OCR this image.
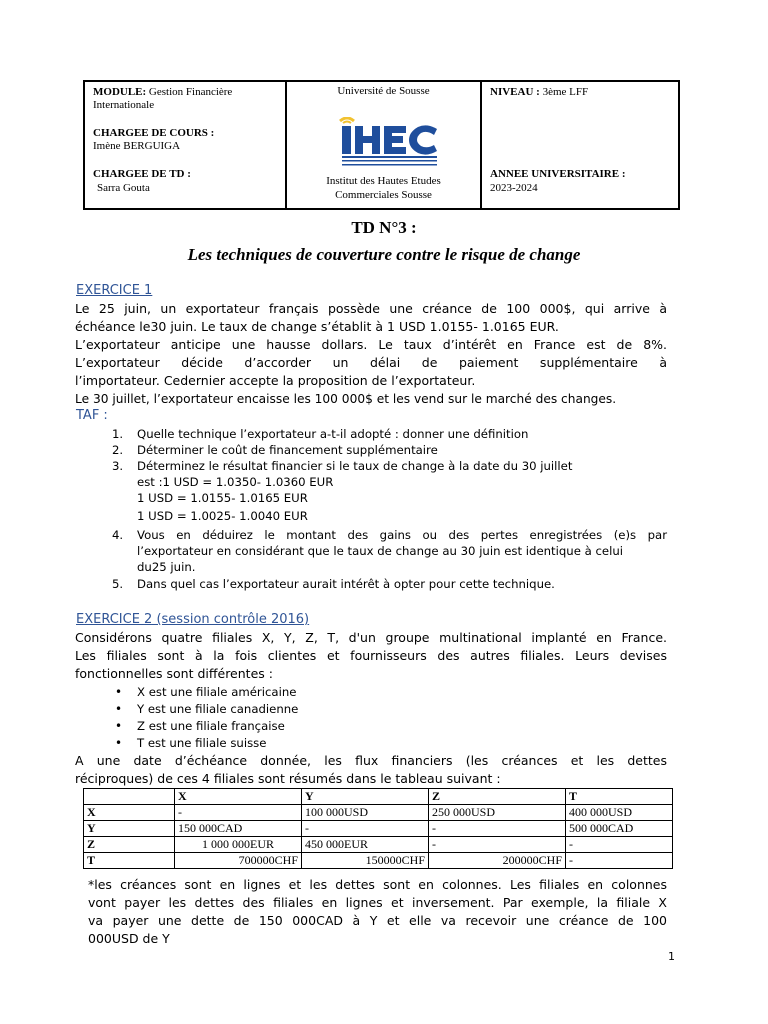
MODULE: Gestion Financière
Internationale
CHARGEE DE COURS :
Imène BERGUIGA
CHARGEE DE TD :
Sarra Gouta
Université de Sousse
Institut des Hautes Etudes
Commerciales Sousse
NIVEAU : 3ème LFF
ANNEE UNIVERSITAIRE :
2023-2024
TD N°3 :
Les techniques de couverture contre le risque de change
EXERCICE 1
Le 25 juin, un exportateur français possède une créance de 100 000$, qui arrive à
échéance le30 juin. Le taux de change s’établit à 1 USD 1.0155- 1.0165 EUR.
L’exportateur anticipe une hausse dollars. Le taux d’intérêt en France est de 8%.
L’exportateur décide d’accorder un délai de paiement supplémentaire à
l’importateur. Cedernier accepte la proposition de l’exportateur.
Le 30 juillet, l’exportateur encaisse les 100 000$ et les vend sur le marché des changes.
TAF :
1. Quelle technique l’exportateur a-t-il adopté : donner une définition
2. Déterminer le coût de financement supplémentaire
3. Déterminez le résultat financier si le taux de change à la date du 30 juillet
est :1 USD = 1.0350- 1.0360 EUR
1 USD = 1.0155- 1.0165 EUR
1 USD = 1.0025- 1.0040 EUR
4. Vous en déduirez le montant des gains ou des pertes enregistrées (e)s par
l’exportateur en considérant que le taux de change au 30 juin est identique à celui
du25 juin.
5. Dans quel cas l’exportateur aurait intérêt à opter pour cette technique.
EXERCICE 2 (session contrôle 2016)
Considérons quatre filiales X, Y, Z, T, d'un groupe multinational implanté en France.
Les filiales sont à la fois clientes et fournisseurs des autres filiales. Leurs devises
fonctionnelles sont différentes :
• X est une filiale américaine
• Y est une filiale canadienne
• Z est une filiale française
• T est une filiale suisse
A une date d’échéance donnée, les flux financiers (les créances et les dettes
réciproques) de ces 4 filiales sont résumés dans le tableau suivant :
	X	Y	Z	T
X	-	100 000USD	250 000USD	400 000USD
Y	150 000CAD	-	-	500 000CAD
Z	1 000 000EUR	450 000EUR	-	-
T	700000CHF	150000CHF	200000CHF	-
*les créances sont en lignes et les dettes sont en colonnes. Les filiales en colonnes
vont payer les dettes des filiales en lignes et inversement. Par exemple, la filiale X
va payer une dette de 150 000CAD à Y et elle va recevoir une créance de 100
000USD de Y
1
